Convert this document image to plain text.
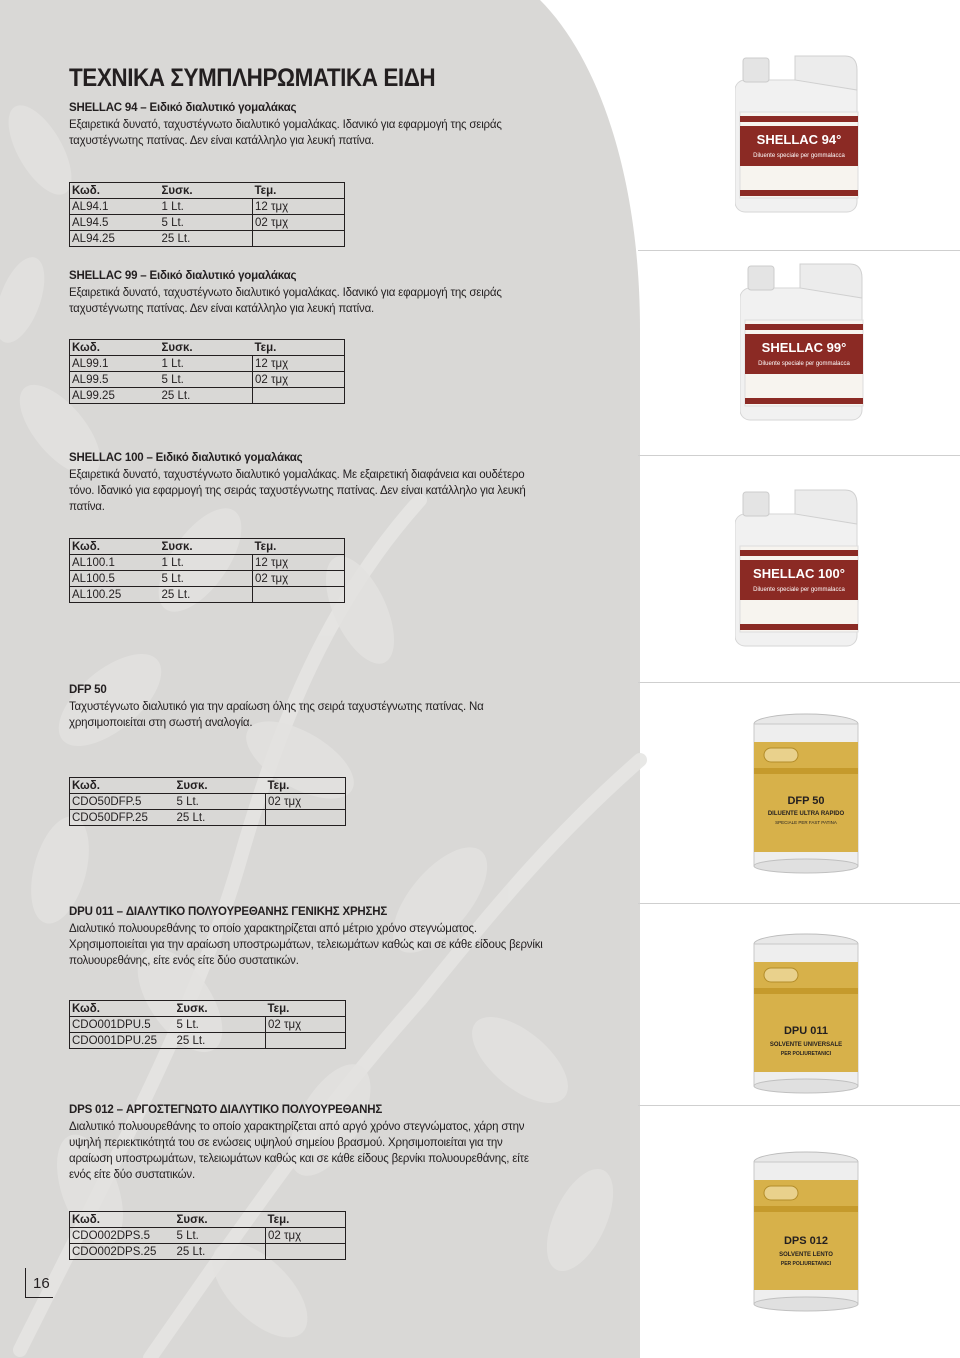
ΤΕΧΝΙΚΑ ΣΥΜΠΛΗΡΩΜΑΤΙΚΑ ΕΙΔΗ

SHELLAC 94 – Ειδικό διαλυτικό γομαλάκας

Εξαιρετικά δυνατό, ταχυστέγνωτο διαλυτικό γομαλάκας. Ιδανικό για εφαρμογή της σειράς ταχυστέγνωτης πατίνας. Δεν είναι κατάλληλο για λευκή πατίνα.

Κωδ.	Συσκ.	Τεμ.
AL94.1	1 Lt.	12 τμχ
AL94.5	5 Lt.	02 τμχ
AL94.25	25 Lt.	

SHELLAC 99 – Ειδικό διαλυτικό γομαλάκας

Εξαιρετικά δυνατό, ταχυστέγνωτο διαλυτικό γομαλάκας. Ιδανικό για εφαρμογή της σειράς ταχυστέγνωτης πατίνας. Δεν είναι κατάλληλο για λευκή πατίνα.

Κωδ.	Συσκ.	Τεμ.
AL99.1	1 Lt.	12 τμχ
AL99.5	5 Lt.	02 τμχ
AL99.25	25 Lt.	

SHELLAC 100 – Ειδικό διαλυτικό γομαλάκας

Εξαιρετικά δυνατό, ταχυστέγνωτο διαλυτικό γομαλάκας. Με εξαιρετική διαφάνεια και ουδέτερο τόνο. Ιδανικό για εφαρμογή της σειράς ταχυστέγνωτης πατίνας. Δεν είναι κατάλληλο για λευκή πατίνα.

Κωδ.	Συσκ.	Τεμ.
AL100.1	1 Lt.	12 τμχ
AL100.5	5 Lt.	02 τμχ
AL100.25	25 Lt.	

DFP 50

Ταχυστέγνωτο διαλυτικό για την αραίωση όλης της σειρά ταχυστέγνωτης πατίνας. Να χρησιμοποιείται στη σωστή αναλογία.

Κωδ.	Συσκ.	Τεμ.
CDO50DFP.5	5 Lt.	02 τμχ
CDO50DFP.25	25 Lt.	

DPU 011 – ΔΙΑΛΥΤΙΚΟ ΠΟΛΥΟΥΡΕΘΑΝΗΣ ΓΕΝΙΚΗΣ ΧΡΗΣΗΣ

Διαλυτικό πολυουρεθάνης το οποίο χαρακτηρίζεται από μέτριο χρόνο στεγνώματος. Χρησιμοποιείται για την αραίωση υποστρωμάτων, τελειωμάτων καθώς και σε κάθε είδους βερνίκι πολυουρεθάνης, είτε ενός είτε δύο συστατικών.

Κωδ.	Συσκ.	Τεμ.
CDO001DPU.5	5 Lt.	02 τμχ
CDO001DPU.25	25 Lt.	

DPS 012 – ΑΡΓΟΣΤΕΓΝΩΤΟ ΔΙΑΛΥΤΙΚΟ ΠΟΛΥΟΥΡΕΘΑΝΗΣ

Διαλυτικό πολυουρεθάνης το οποίο χαρακτηρίζεται από αργό χρόνο στεγνώματος, χάρη στην υψηλή περιεκτικότητά του σε ενώσεις υψηλού σημείου βρασμού. Χρησιμοποιείται για την αραίωση υποστρωμάτων, τελειωμάτων καθώς και σε κάθε είδους βερνίκι πολυουρεθάνης, είτε ενός είτε δύο συστατικών.

Κωδ.	Συσκ.	Τεμ.
CDO002DPS.5	5 Lt.	02 τμχ
CDO002DPS.25	25 Lt.	
SHELLAC 94°
Diluente speciale per gommalacca
SHELLAC 99°
Diluente speciale per gommalacca
SHELLAC 100°
Diluente speciale per gommalacca
DFP 50
DILUENTE ULTRA RAPIDO
SPECIALE PER FAST PATINA
DPU 011
SOLVENTE UNIVERSALE
PER POLIURETANICI
DPS 012
SOLVENTE LENTO
PER POLIURETANICI
16
